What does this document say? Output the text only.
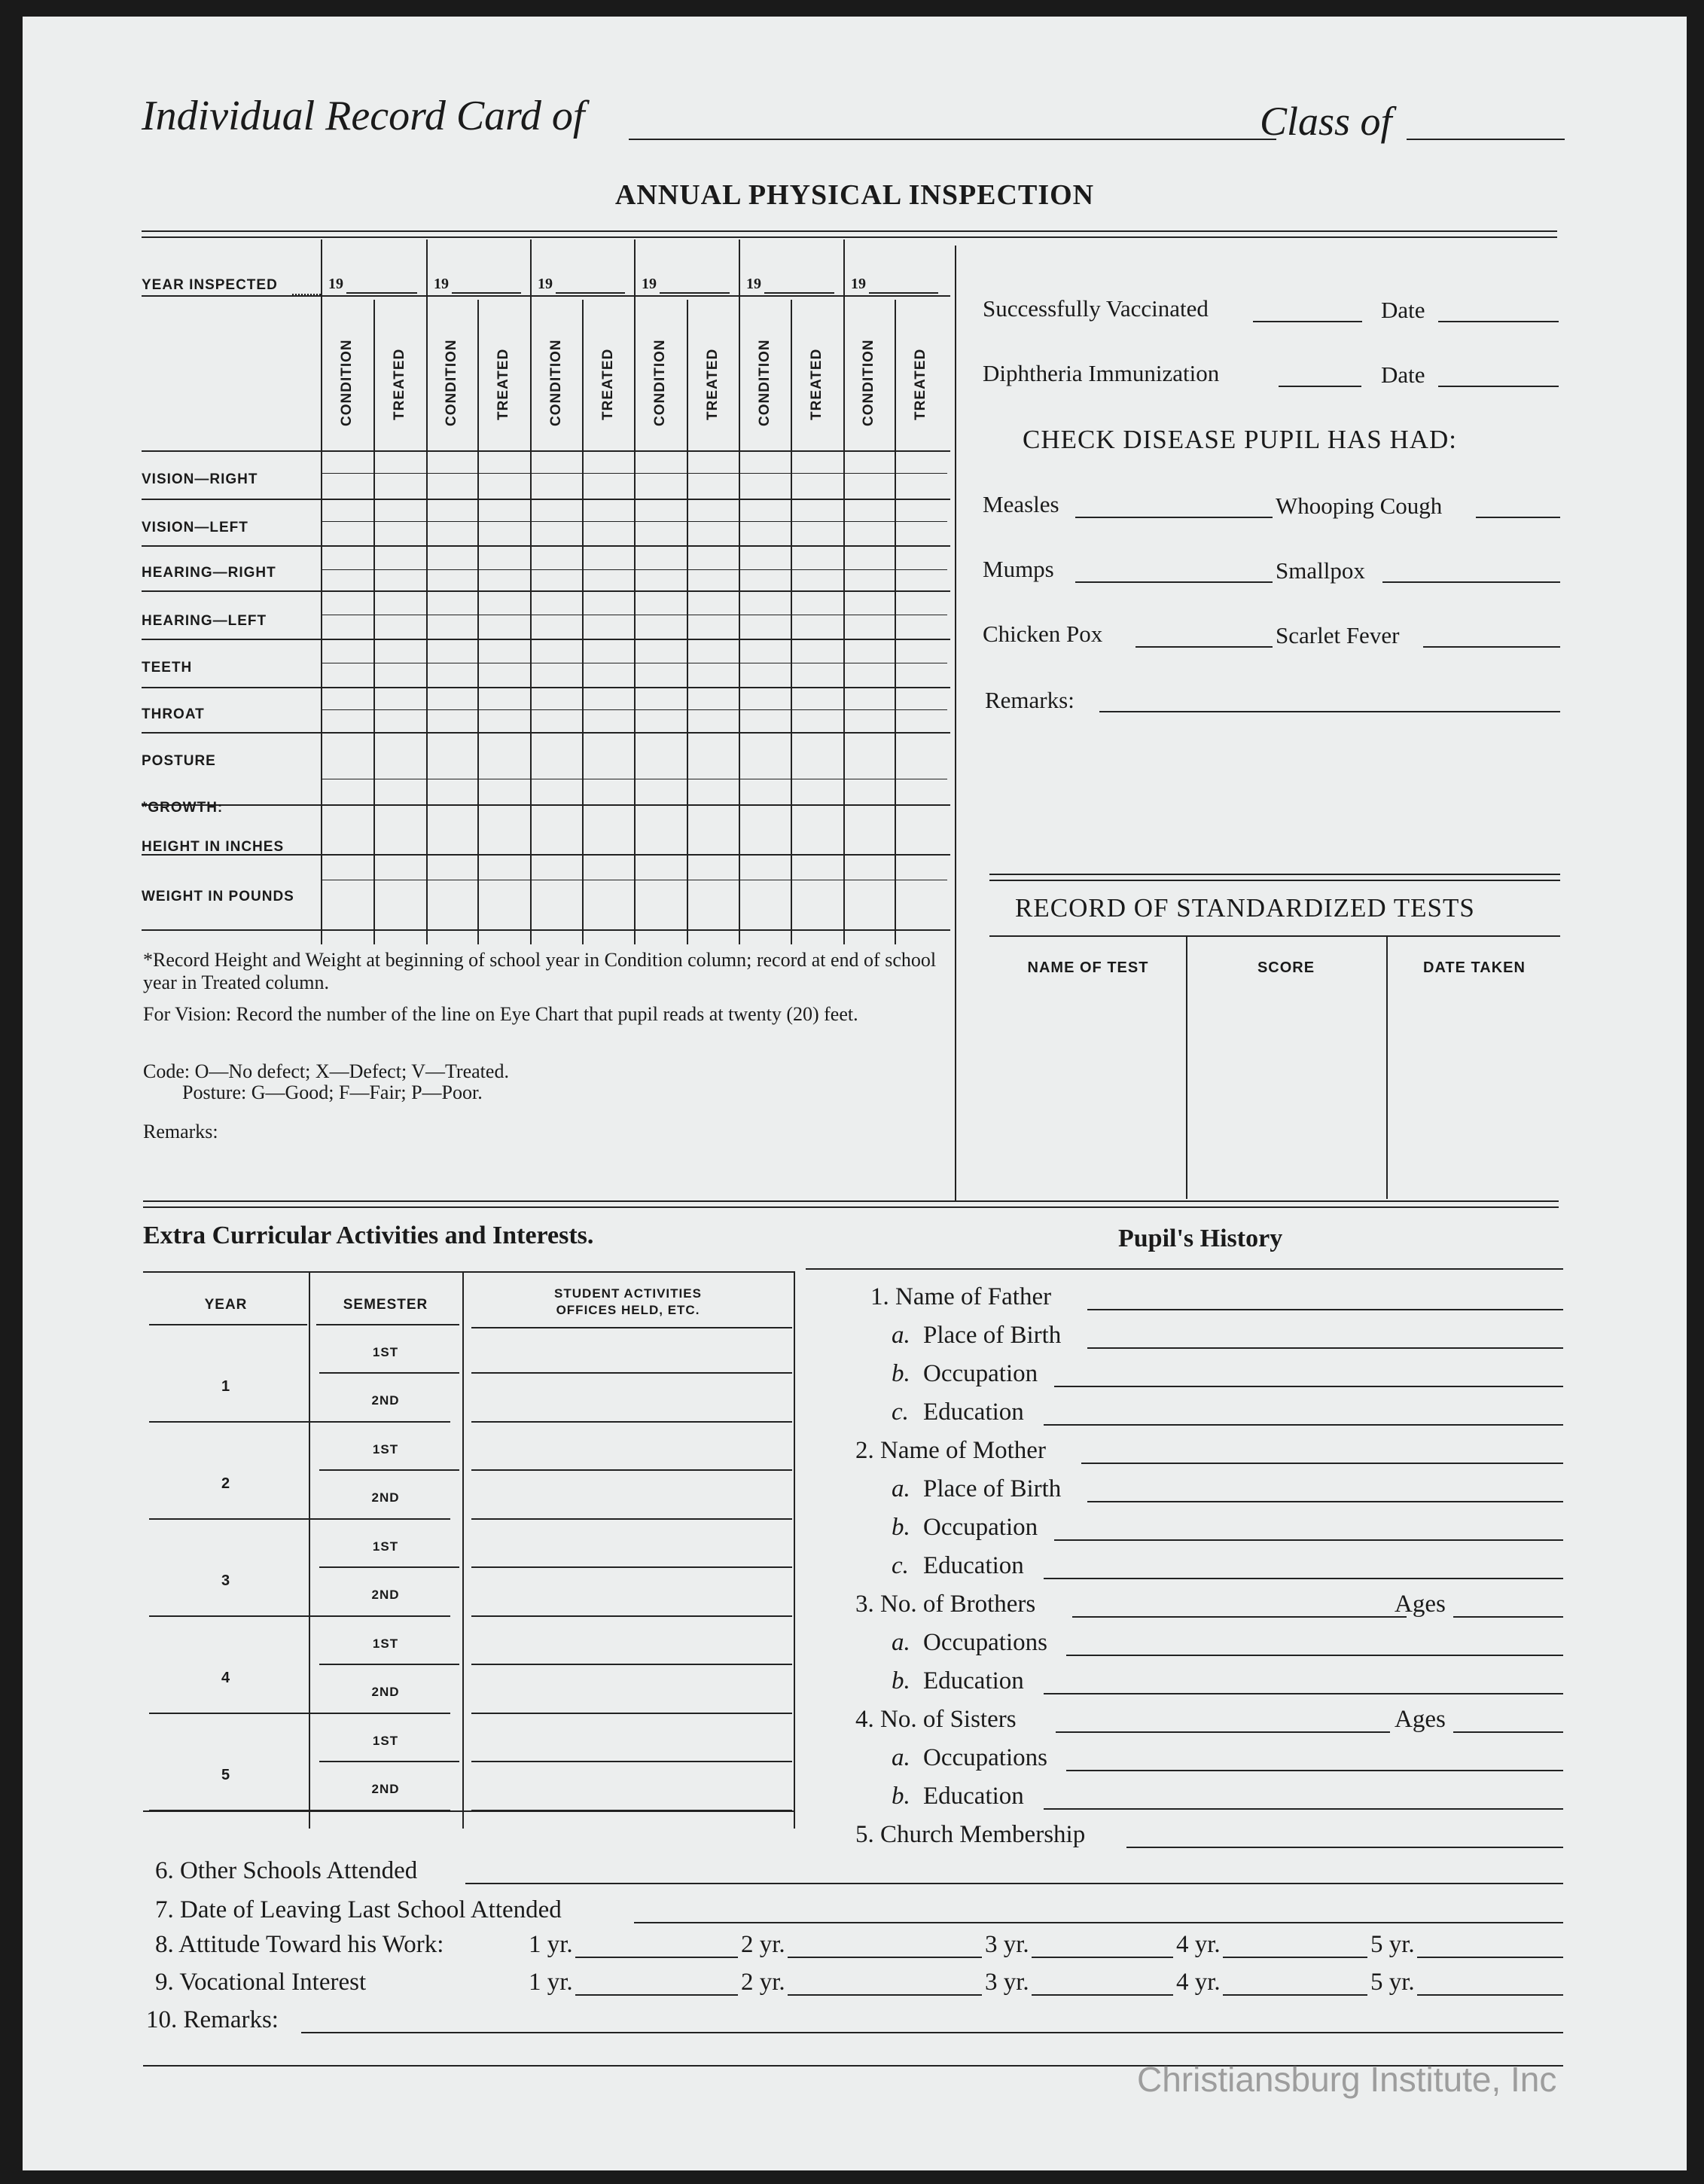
Individual Record Card of	Class of
ANNUAL PHYSICAL INSPECTION
YEAR INSPECTED	19	19	19	19	19	19
CONDITION	TREATED	CONDITION	TREATED	CONDITION	TREATED	CONDITION	TREATED	CONDITION	TREATED	CONDITION	TREATED
VISION—RIGHT
VISION—LEFT
HEARING—RIGHT
HEARING—LEFT
TEETH
THROAT
POSTURE
*GROWTH:
HEIGHT IN INCHES
WEIGHT IN POUNDS
*Record Height and Weight at beginning of school year in Condition column; record at end of school year in Treated column.
For Vision: Record the number of the line on Eye Chart that pupil reads at twenty (20) feet.
Code: O—No defect; X—Defect; V—Treated.
Posture: G—Good; F—Fair; P—Poor.
Remarks:
Successfully Vaccinated	Date
Diphtheria Immunization	Date
CHECK DISEASE PUPIL HAS HAD:
Measles	Whooping Cough
Mumps	Smallpox
Chicken Pox	Scarlet Fever
Remarks:
RECORD OF STANDARDIZED TESTS
NAME OF TEST	SCORE	DATE TAKEN
Extra Curricular Activities and Interests.
YEAR	SEMESTER
STUDENT ACTIVITIES
OFFICES HELD, ETC.
1
1ST
2ND
2
1ST
2ND
3
1ST
2ND
4
1ST
2ND
5
1ST
2ND
Pupil's History
1. Name of Father
a. Place of Birth
b. Occupation
c. Education
2. Name of Mother
a. Place of Birth
b. Occupation
c. Education
3. No. of Brothers	Ages
a. Occupations
b. Education
4. No. of Sisters	Ages
a. Occupations
b. Education
5. Church Membership
6. Other Schools Attended
7. Date of Leaving Last School Attended
8. Attitude Toward his Work:	1 yr.	2 yr.	3 yr.	4 yr.	5 yr.
9. Vocational Interest	1 yr.	2 yr.	3 yr.	4 yr.	5 yr.
10. Remarks:
Christiansburg Institute, Inc
